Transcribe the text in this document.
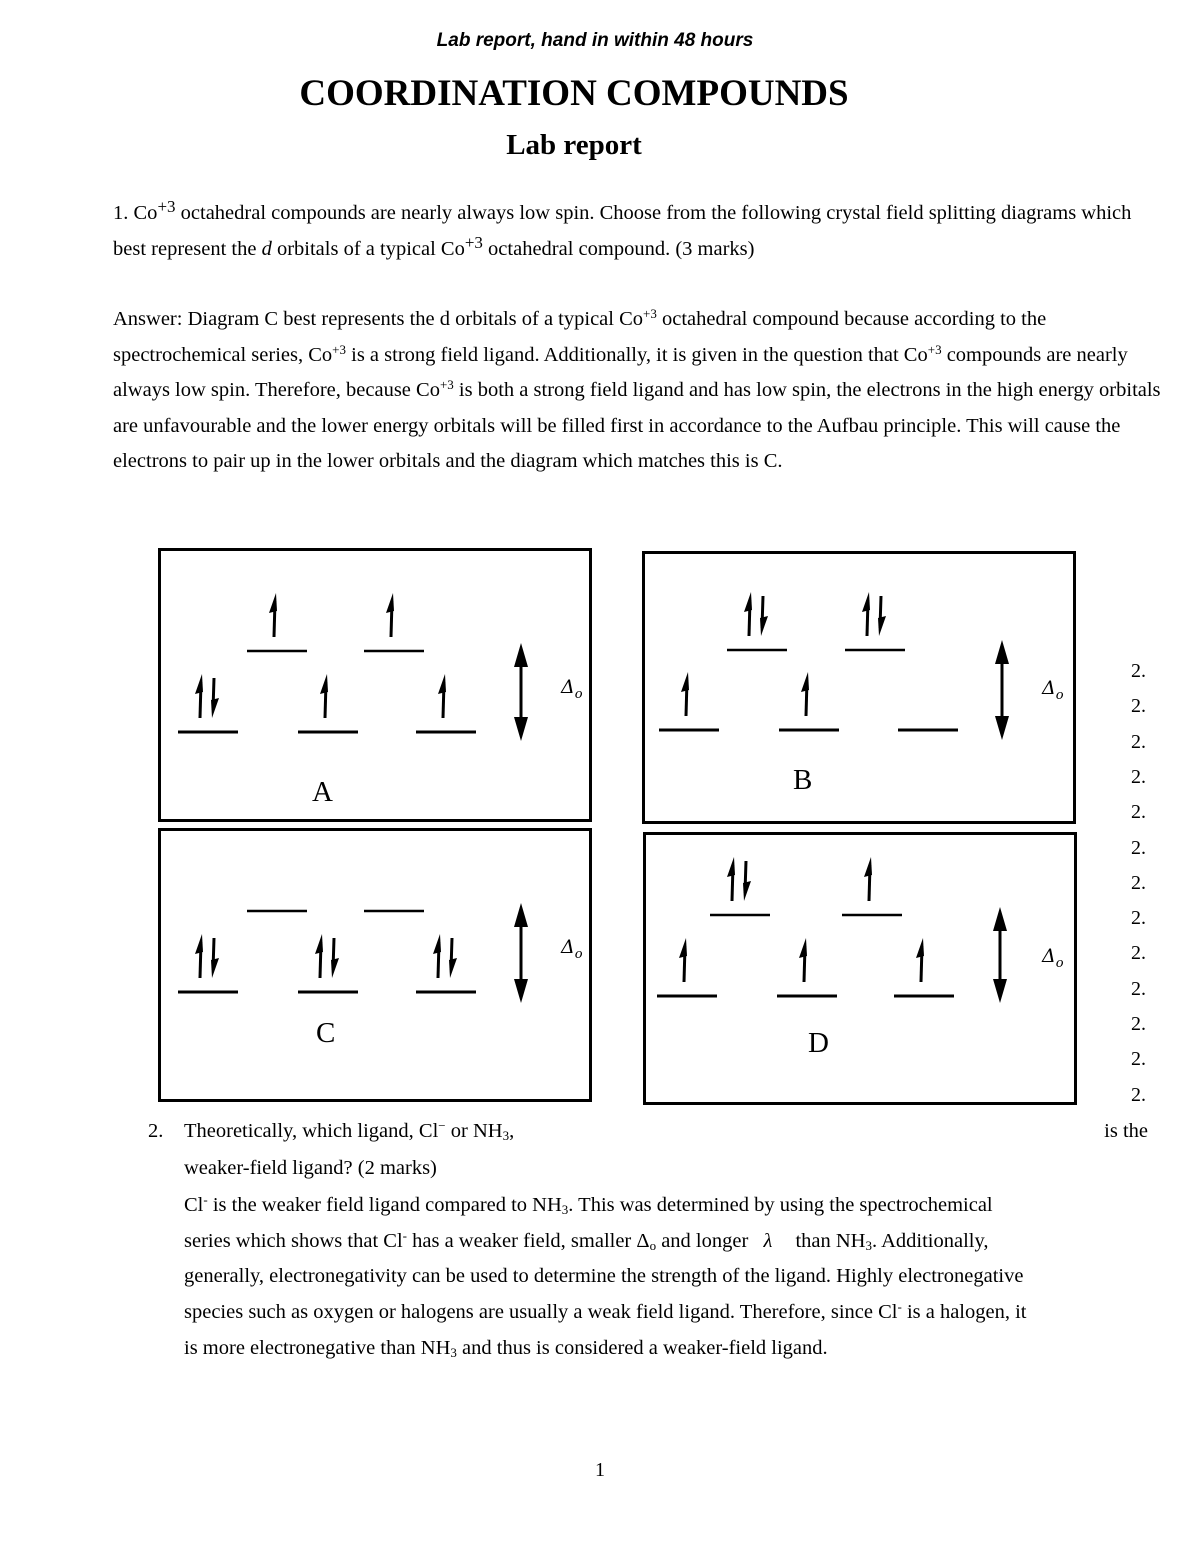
Lab report, hand in within 48 hours
COORDINATION COMPOUNDS
Lab report
1. $Co^{+3}$ octahedral compounds are nearly always low spin. Choose from the following crystal field splitting diagrams which best represent the d orbitals of a typical $Co^{+3}$ octahedral compound. (3 marks)
Answer: Diagram C best represents the d orbitals of a typical $Co^{+3}$ octahedral compound because according to the spectrochemical series, $Co^{+3}$ is a strong field ligand. Additionally, it is given in the question that $Co^{+3}$ compounds are nearly always low spin. Therefore, because $Co^{+3}$ is both a strong field ligand and has low spin, the electrons in the high energy orbitals are unfavourable and the lower energy orbitals will be filled first in accordance to the Aufbau principle. This will cause the electrons to pair up in the lower orbitals and the diagram which matches this is C.
$\Delta_o$
A
$\Delta_o$
B
$\Delta_o$
C
$\Delta_o$
D
2.
2.
2.
2.
2.
2.
2.
2.
2.
2.
2.
2.
2.
2. Theoretically, which ligand, Cl− or $NH_3$,	is the
weaker-field ligand? (2 marks)
Cl- is the weaker field ligand compared to $NH_3$. This was determined by using the spectrochemical
series which shows that Cl- has a weaker field, smaller $\Delta_o$ and longer λ than $NH_3$. Additionally,
generally, electronegativity can be used to determine the strength of the ligand. Highly electronegative
species such as oxygen or halogens are usually a weak field ligand. Therefore, since Cl- is a halogen, it
is more electronegative than $NH_3$ and thus is considered a weaker-field ligand.
1
